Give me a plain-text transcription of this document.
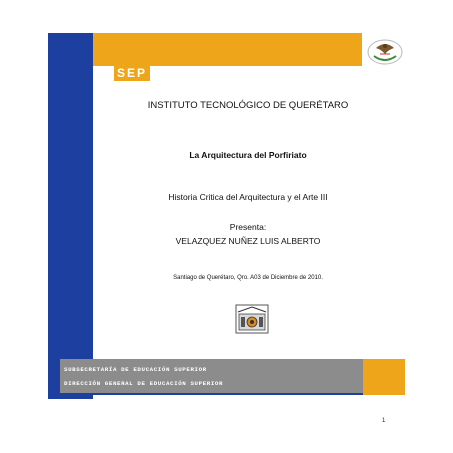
SEP
INSTITUTO TECNOLÓGICO DE QUERÉTARO
La Arquitectura del Porfiriato
Historia Critica del Arquitectura y el Arte III
Presenta:
VELAZQUEZ NUÑEZ LUIS ALBERTO
Santiago de Querétaro, Qro. A03 de Diciembre de 2010.
SUBSECRETARÍA DE EDUCACIÓN SUPERIOR
DIRECCIÓN GENERAL DE EDUCACIÓN SUPERIOR
1
